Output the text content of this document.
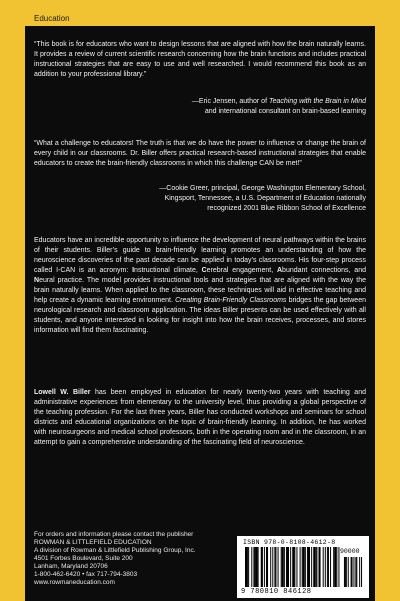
Education

“This book is for educators who want to design lessons that are aligned with how the brain naturally learns. It provides a review of current scientific research concerning how the brain functions and includes practical instructional strategies that are easy to use and well researched. I would recommend this book as an addition to your professional library.”

—Eric Jensen, author of Teaching with the Brain in Mind
and international consultant on brain-based learning

“What a challenge to educators! The truth is that we do have the power to influence or change the brain of every child in our classrooms. Dr. Biller offers practical research-based instructional strategies that enable educators to create the brain-friendly classrooms in which this challenge CAN be met!”

—Cookie Greer, principal, George Washington Elementary School,
Kingsport, Tennessee, a U.S. Department of Education nationally
recognized 2001 Blue Ribbon School of Excellence

Educators have an incredible opportunity to influence the development of neural pathways within the brains of their students. Biller’s guide to brain-friendly learning promotes an understanding of how the neuroscience discoveries of the past decade can be applied in today’s classrooms. His four-step process called I-CAN is an acronym: Instructional climate, Cerebral engagement, Abundant connections, and Neural practice. The model provides instructional tools and strategies that are aligned with the way the brain naturally learns. When applied to the classroom, these techniques will aid in effective teaching and help create a dynamic learning environment. Creating Brain-Friendly Classrooms bridges the gap between neurological research and classroom application. The ideas Biller presents can be used effectively with all students, and anyone interested in looking for insight into how the brain receives, processes, and stores information will find them fascinating.

Lowell W. Biller has been employed in education for nearly twenty-two years with teaching and administrative experiences from elementary to the university level, thus providing a global perspective of the teaching profession. For the last three years, Biller has conducted workshops and seminars for school districts and educational organizations on the topic of brain-friendly learning. In addition, he has worked with neurosurgeons and medical school professors, both in the operating room and in the classroom, in an attempt to gain a comprehensive understanding of the fascinating field of neuroscience.

For orders and information please contact the publisher
ROWMAN & LITTLEFIELD EDUCATION
A division of Rowman & Littlefield Publishing Group, Inc.
4501 Forbes Boulevard, Suite 200
Lanham, Maryland 20706
1-800-462-6420 • fax 717-794-3803
www.rowmaneducation.com
ISBN 978-0-8108-4612-8
90000
9 780810 846128
